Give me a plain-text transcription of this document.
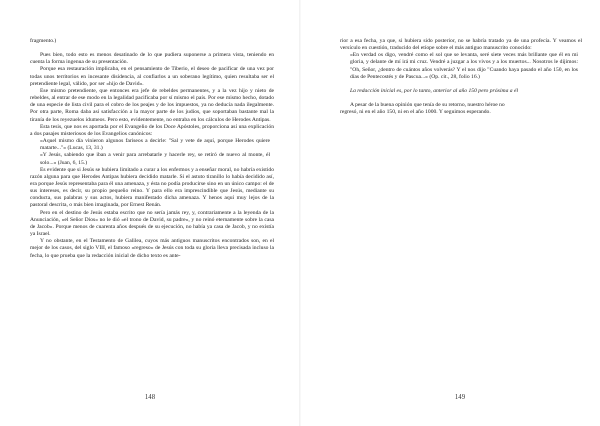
fragmento.)

Pues bien, todo esto es menos desatinado de lo que pudiera suponerse a primera vista, teniendo en cuenta la forma ingenua de su presentación.

Porque esa restauración implicaba, en el pensamiento de Tiberio, el deseo de pacificar de una vez por todas unos territorios en incesante disidencia, al confiarlos a un soberano legítimo, quien resultaba ser el pretendiente legal, válido, por ser «hijo de David».

Ese mismo pretendiente, que entonces era jefe de rebeldes permanentes, y a la vez hijo y nieto de rebeldes, al entrar de ese modo en la legalidad pacificaba por sí mismo el país. Por ese mismo hecho, dotado de una especie de lista civil para el cobro de los peajes y de los impuestos, ya no deducía nada ilegalmente. Por otra parte, Roma daba así satisfacción a la mayor parte de los judíos, que soportaban bastante mal la tiranía de los reyezuelos idumeos. Pero esto, evidentemente, no entraba en los cálculos de Herodes Antipas.

Esta tesis, que nos es aportada por el Evangelio de los Doce Apóstoles, proporciona así una explicación a dos pasajes misteriosos de los Evangelios canónicos:

«Aquel mismo día vinieron algunos fariseos a decirle: "Sal y vete de aquí, porque Herodes quiere matarte..."» (Lucas, 13, 31.)

«Y Jesús, sabiendo que iban a venir para arrebatarle y hacerle rey, se retiró de nuevo al monte, él solo...» (Juan, 6, 15.)

Es evidente que si Jesús se hubiera limitado a curar a los enfermos y a enseñar moral, no habría existido razón alguna para que Herodes Antipas hubiera decidido matarle. Si el astuto tiranillo lo había decidido así, era porque Jesús representaba para él una amenaza, y ésta no podía producirse sino en un único campo: el de sus intereses, es decir, su propio pequeño reino. Y para ello era imprescindible que Jesús, mediante su conducta, sus palabras y sus actos, hubiera manifestado dicha amenaza. Y henos aquí muy lejos de la pastoral descrita, o más bien imaginada, por Ernest Renán.

Pero en el destino de Jesús estaba escrito que no sería jamás rey, y, contrariamente a la leyenda de la Anunciación, «el Señor Dios» no le dió «el trono de David, su padre», y no reinó eternamente sobre la casa de Jacob». Porque menos de cuarenta años después de su ejecución, no había ya casa de Jacob, y no existía ya Israel.

Y no obstante, en el Testamento de Galilea, cuyos más antiguos manuscritos encontrados son, en el mejor de los casos, del siglo VIII, el famoso «regreso» de Jesús con toda su gloria lleva precisada incluso la fecha, lo que prueba que la redacción inicial de dicho texto es ante-

148

rior a esa fecha, ya que, si hubiera sido posterior, no se habría tratado ya de una profecía. Y veamos el versículo en cuestión, traducido del etíope sobre el más antiguo manuscrito conocido:

«En verdad os digo, vendré como el sol que se levanta, seré siete veces más brillante que él en mi gloria, y delante de mí irá mi cruz. Vendré a juzgar a los vivos y a los muertos... Nosotros le dijimos: "Oh, Señor, ¿dentro de cuántos años volverás? Y el nos dijo "Cuando haya pasado el año 150, en los días de Pentecostés y de Pascua...» (Op. cit., 28, folio 16.)

La redacción inicial es, por lo tanto, anterior al año 150 pero próxima a él

A pesar de la buena opinión que tenía de su retorno, nuestro héroe no regresó, ni en el año 150, ni en el año 1000. Y seguimos esperando.

149
